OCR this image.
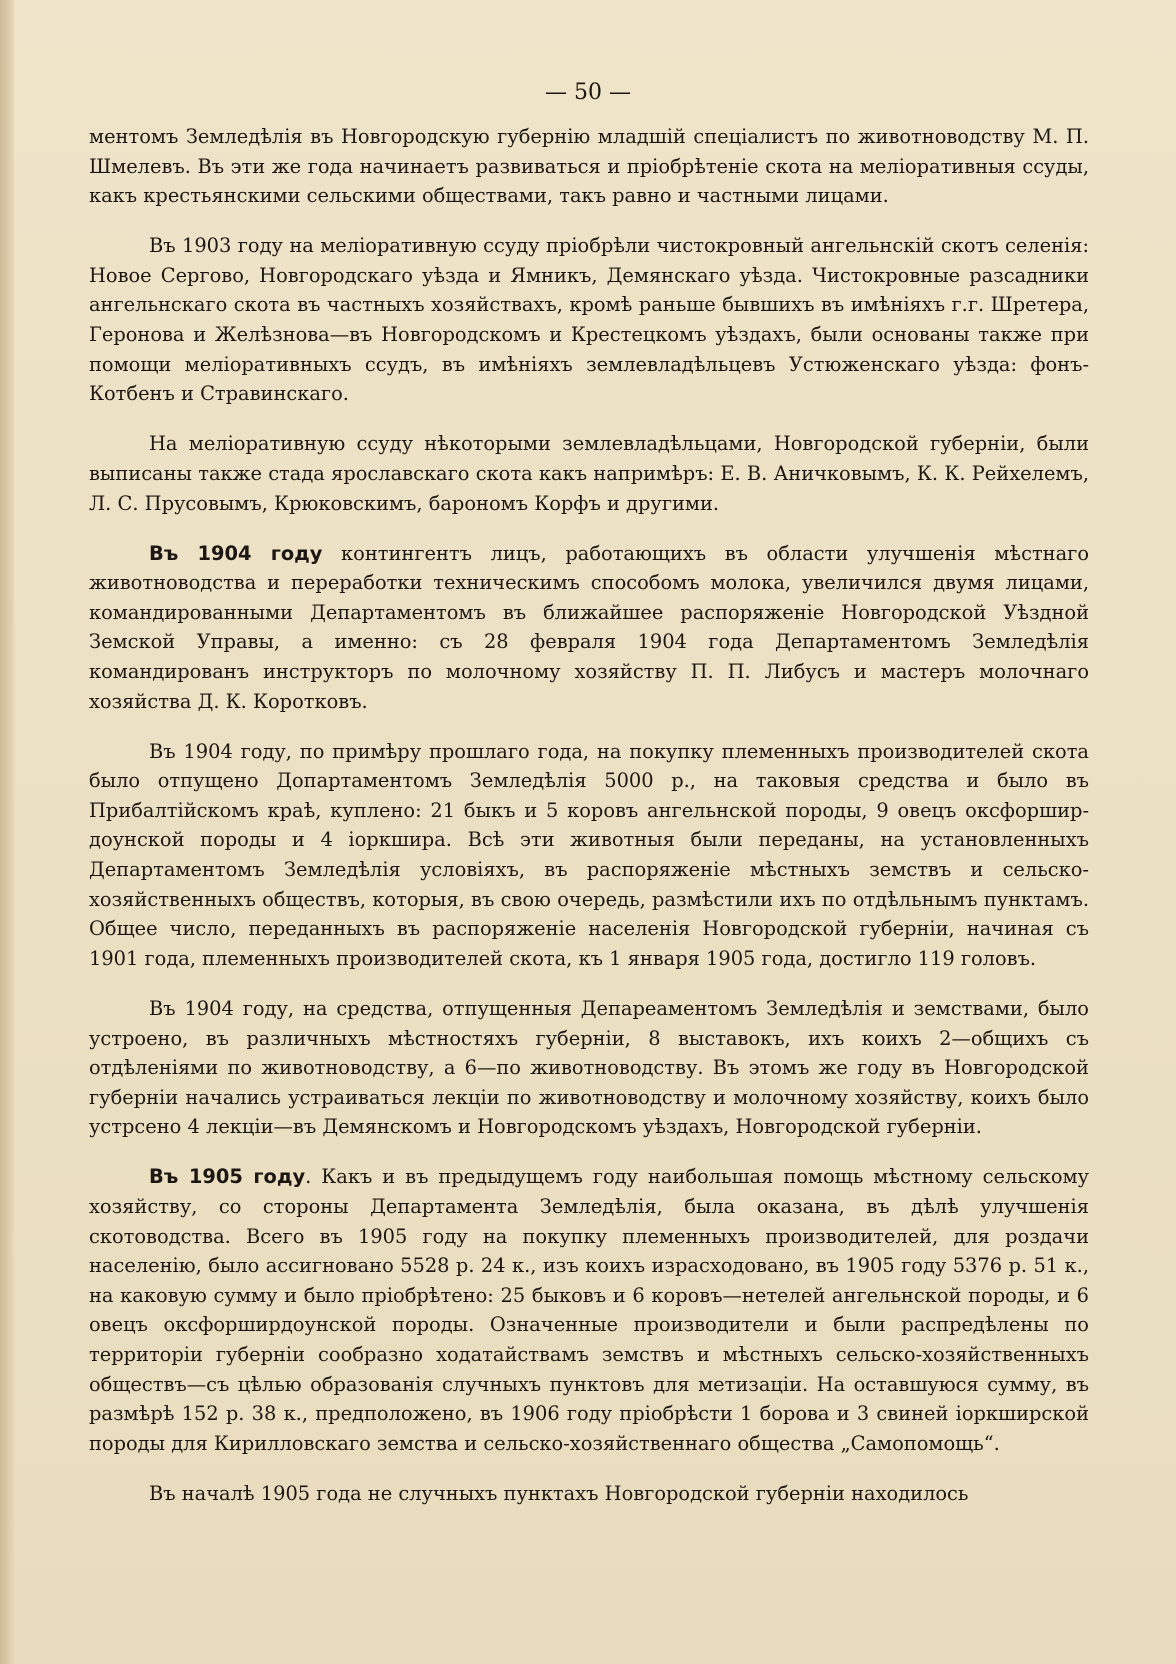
— 50 —

ментомъ Земледѣлія въ Новгородскую губернію младшій спеціалистъ по животноводству М. П. Шмелевъ. Въ эти же года начинаетъ развиваться и пріобрѣтеніе скота на меліоративныя ссуды, какъ крестьянскими сельскими обществами, такъ равно и частными лицами.

Въ 1903 году на меліоративную ссуду пріобрѣли чистокровный ангельнскій скотъ селенія: Новое Сергово, Новгородскаго уѣзда и Ямникъ, Демянскаго уѣзда. Чистокровные разсадники ангельнскаго скота въ частныхъ хозяйствахъ, кромѣ раньше бывшихъ въ имѣніяхъ г.г. Шретера, Геронова и Желѣзнова—въ Новгородскомъ и Крестецкомъ уѣздахъ, были основаны также при помощи меліоративныхъ ссудъ, въ имѣніяхъ землевладѣльцевъ Устюженскаго уѣзда: фонъ-Котбенъ и Стравинскаго.

На меліоративную ссуду нѣкоторыми землевладѣльцами, Новгородской губерніи, были выписаны также стада ярославскаго скота какъ напримѣръ: Е. В. Аничковымъ, К. К. Рейхелемъ, Л. С. Прусовымъ, Крюковскимъ, барономъ Корфъ и другими.

Въ 1904 году контингентъ лицъ, работающихъ въ области улучшенія мѣстнаго животноводства и переработки техническимъ способомъ молока, увеличился двумя лицами, командированными Департаментомъ въ ближайшее распоряженіе Новгородской Уѣздной Земской Управы, а именно: съ 28 февраля 1904 года Департаментомъ Земледѣлія командированъ инструкторъ по молочному хозяйству П. П. Либусъ и мастеръ молочнаго хозяйства Д. К. Коротковъ.

Въ 1904 году, по примѣру прошлаго года, на покупку племенныхъ производителей скота было отпущено Допартаментомъ Земледѣлія 5000 р., на таковыя средства и было въ Прибалтійскомъ краѣ, куплено: 21 быкъ и 5 коровъ ангельнской породы, 9 овецъ оксфорширдоунской породы и 4 іоркшира. Всѣ эти животныя были переданы, на установленныхъ Департаментомъ Земледѣлія условіяхъ, въ распоряженіе мѣстныхъ земствъ и сельско-хозяйственныхъ обществъ, которыя, въ свою очередь, размѣстили ихъ по отдѣльнымъ пунктамъ. Общее число, переданныхъ въ распоряженіе населенія Новгородской губерніи, начиная съ 1901 года, племенныхъ производителей скота, къ 1 января 1905 года, достигло 119 головъ.

Въ 1904 году, на средства, отпущенныя Депареаментомъ Земледѣлія и земствами, было устроено, въ различныхъ мѣстностяхъ губерніи, 8 выставокъ, ихъ коихъ 2—общихъ съ отдѣленіями по животноводству, а 6—по животноводству. Въ этомъ же году въ Новгородской губерніи начались устраиваться лекціи по животноводству и молочному хозяйству, коихъ было устрсено 4 лекціи—въ Демянскомъ и Новгородскомъ уѣздахъ, Новгородской губерніи.

Въ 1905 году. Какъ и въ предыдущемъ году наибольшая помощь мѣстному сельскому хозяйству, со стороны Департамента Земледѣлія, была оказана, въ дѣлѣ улучшенія скотоводства. Всего въ 1905 году на покупку племенныхъ производителей, для роздачи населенію, было ассигновано 5528 р. 24 к., изъ коихъ израсходовано, въ 1905 году 5376 р. 51 к., на каковую сумму и было пріобрѣтено: 25 быковъ и 6 коровъ—нетелей ангельнской породы, и 6 овецъ оксфорширдоунской породы. Означенные производители и были распредѣлены по территоріи губерніи сообразно ходатайствамъ земствъ и мѣстныхъ сельско-хозяйственныхъ обществъ—съ цѣлью образованія случныхъ пунктовъ для метизаціи. На оставшуюся сумму, въ размѣрѣ 152 р. 38 к., предположено, въ 1906 году пріобрѣсти 1 борова и 3 свиней іоркширской породы для Кирилловскаго земства и сельско-хозяйственнаго общества „Самопомощь“.

Въ началѣ 1905 года не случныхъ пунктахъ Новгородской губерніи находилось
